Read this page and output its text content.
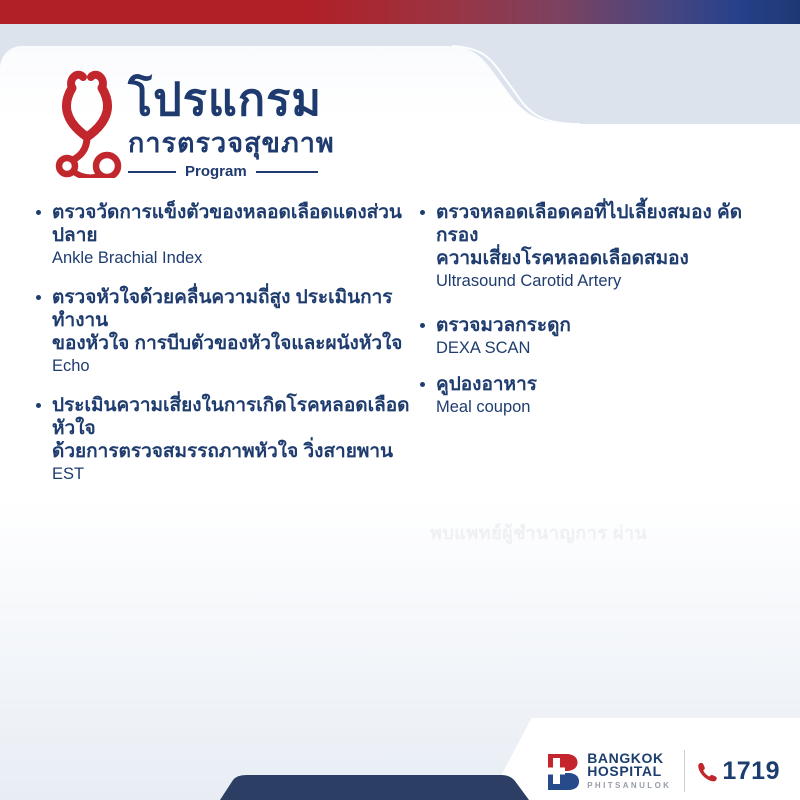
โปรแกรม
การตรวจสุขภาพ
Program
ตรวจวัดการแข็งตัวของหลอดเลือดแดงส่วนปลาย
Ankle Brachial Index
ตรวจหัวใจด้วยคลื่นความถี่สูง ประเมินการทำงาน
ของหัวใจ การบีบตัวของหัวใจและผนังหัวใจ
Echo
ประเมินความเสี่ยงในการเกิดโรคหลอดเลือดหัวใจ
ด้วยการตรวจสมรรถภาพหัวใจ วิ่งสายพาน
EST
ตรวจหลอดเลือดคอที่ไปเลี้ยงสมอง คัดกรอง
ความเสี่ยงโรคหลอดเลือดสมอง
Ultrasound Carotid Artery
ตรวจมวลกระดูก
DEXA SCAN
คูปองอาหาร
Meal coupon
พบแพทย์ผู้ชำนาญการ ผ่าน
BANGKOK
HOSPITAL
PHITSANULOK
1719
